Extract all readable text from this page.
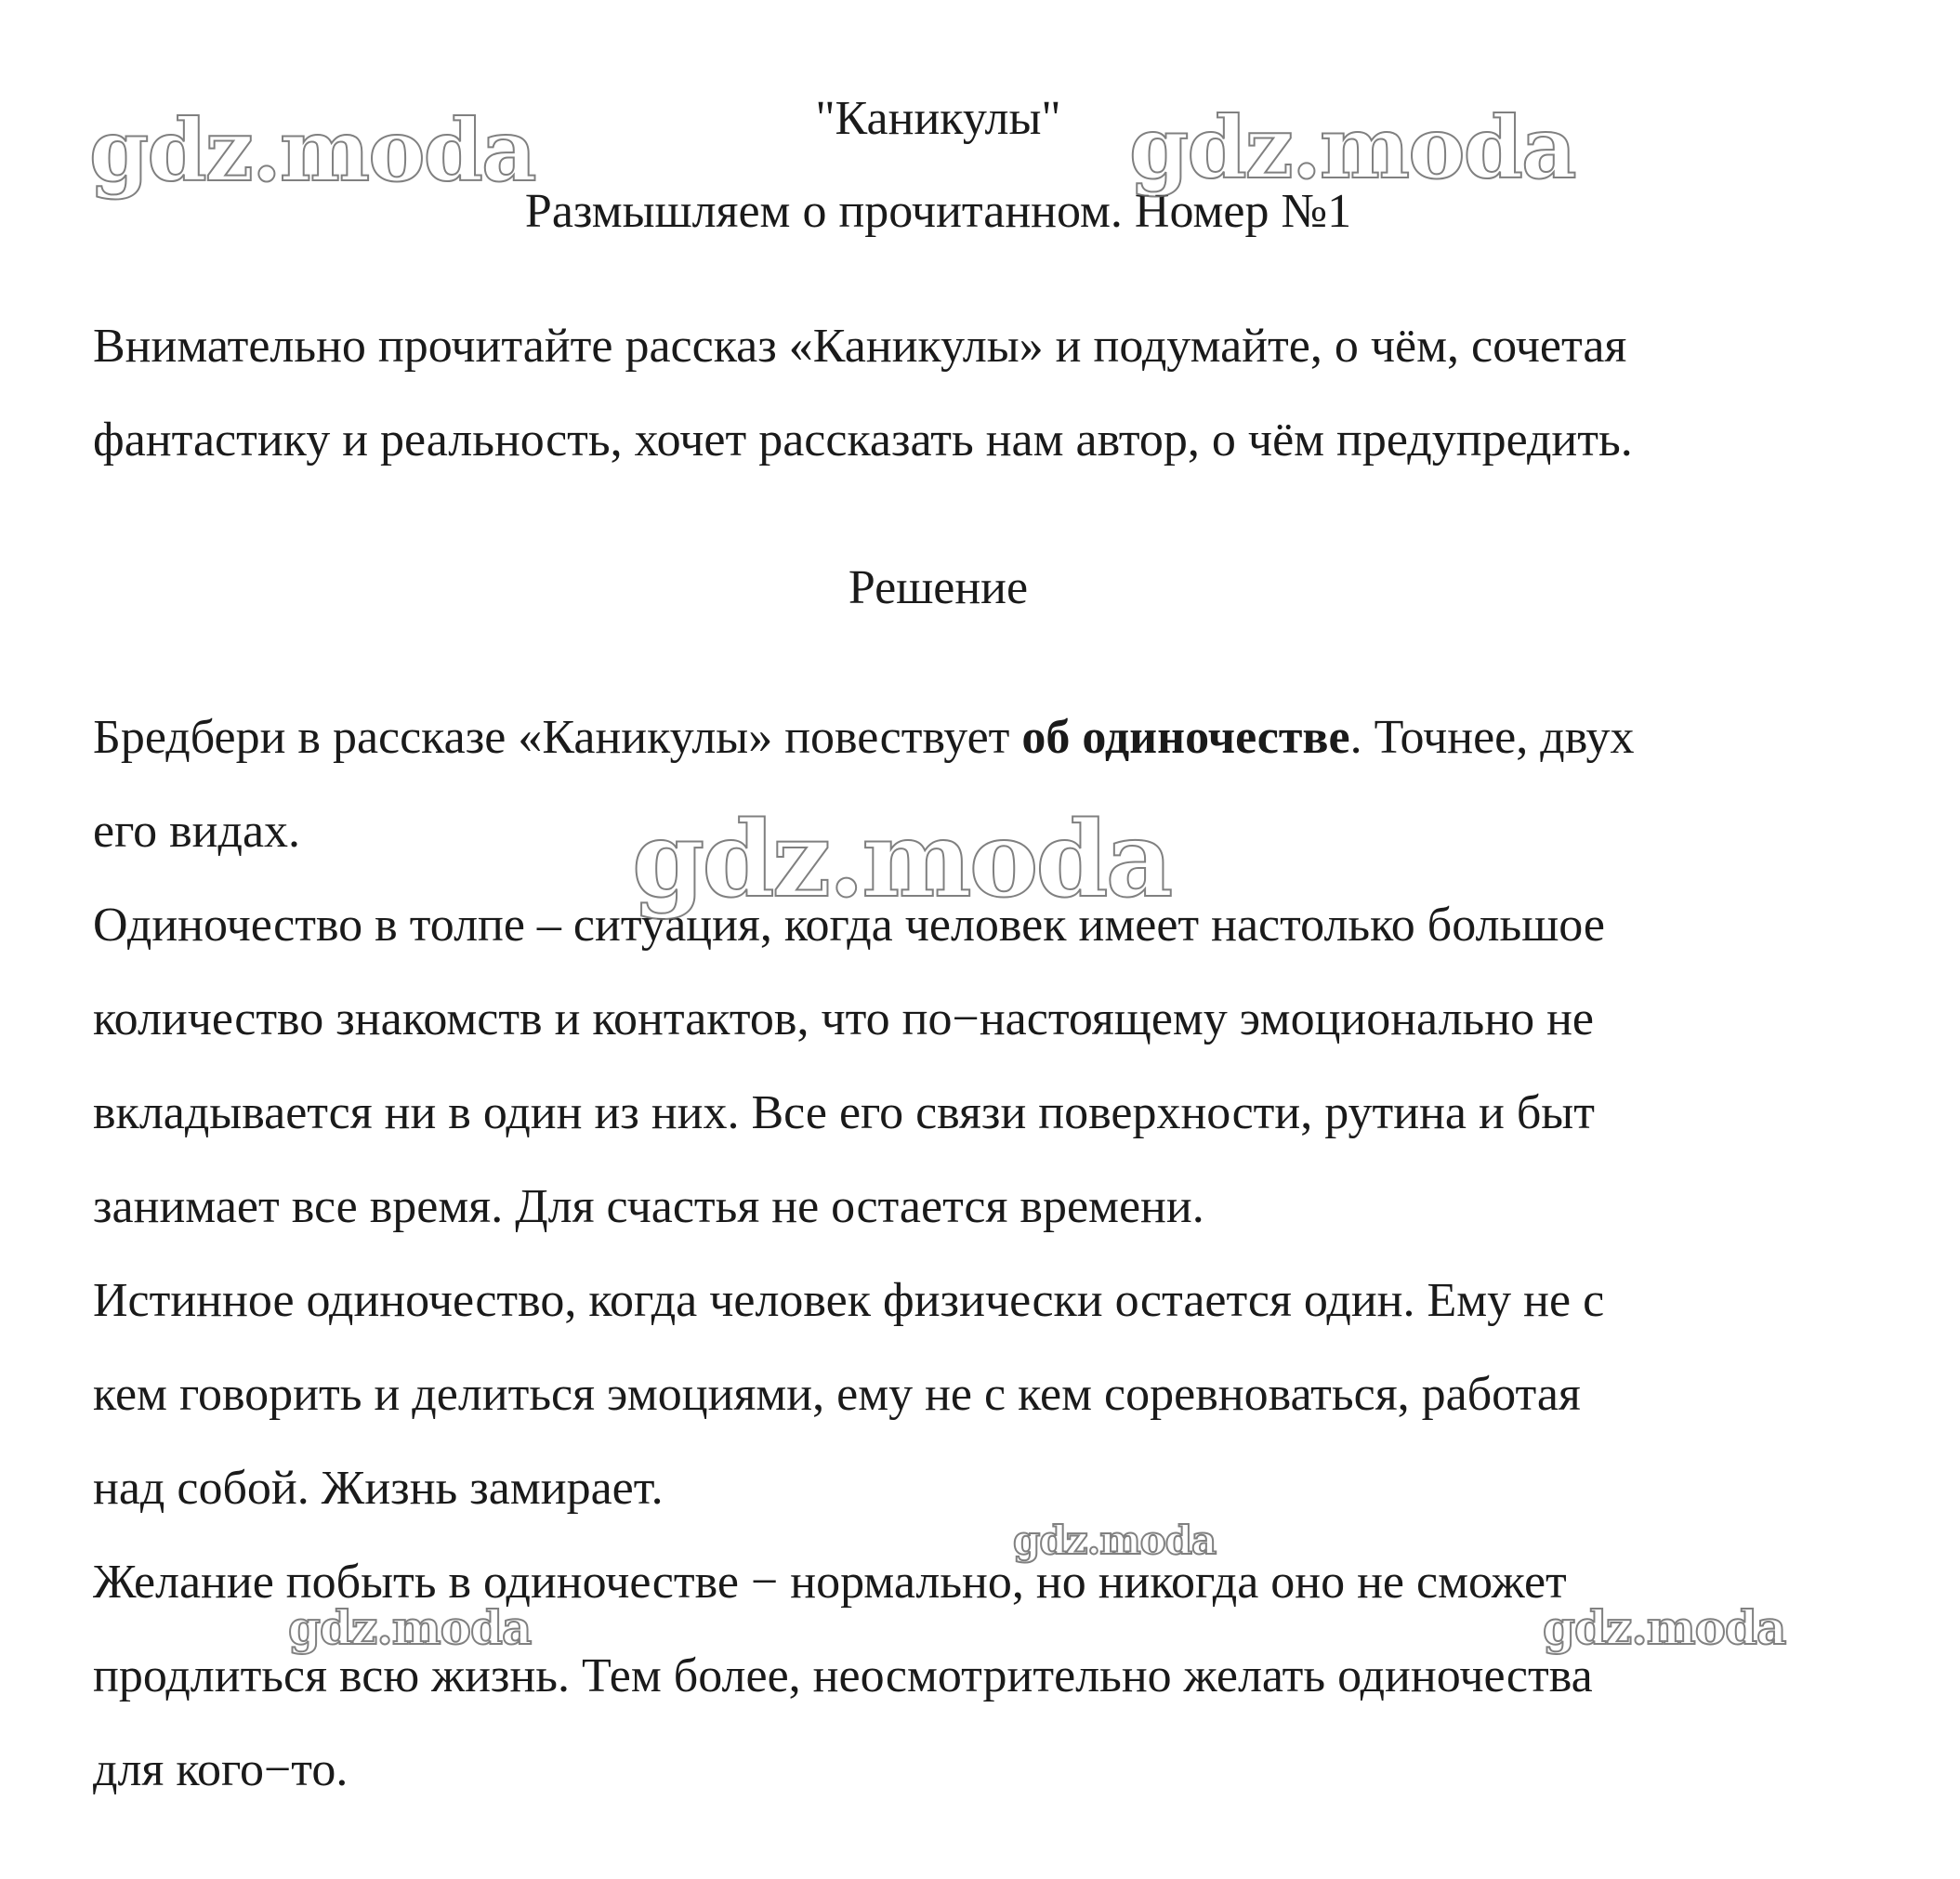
"Каникулы"
Размышляем о прочитанном. Номер №1
Внимательно прочитайте рассказ «Каникулы» и подумайте, о чём, сочетая
фантастику и реальность, хочет рассказать нам автор, о чём предупредить.
Решение
Бредбери в рассказе «Каникулы» повествует об одиночестве. Точнее, двух
его видах.
Одиночество в толпе – ситуация, когда человек имеет настолько большое
количество знакомств и контактов, что по−настоящему эмоционально не
вкладывается ни в один из них. Все его связи поверхности, рутина и быт
занимает все время. Для счастья не остается времени.
Истинное одиночество, когда человек физически остается один. Ему не с
кем говорить и делиться эмоциями, ему не с кем соревноваться, работая
над собой. Жизнь замирает.
Желание побыть в одиночестве − нормально, но никогда оно не сможет
продлиться всю жизнь. Тем более, неосмотрительно желать одиночества
для кого−то.
gdz.moda	gdz.moda
gdz.moda
gdz.moda
gdz.moda	gdz.moda
